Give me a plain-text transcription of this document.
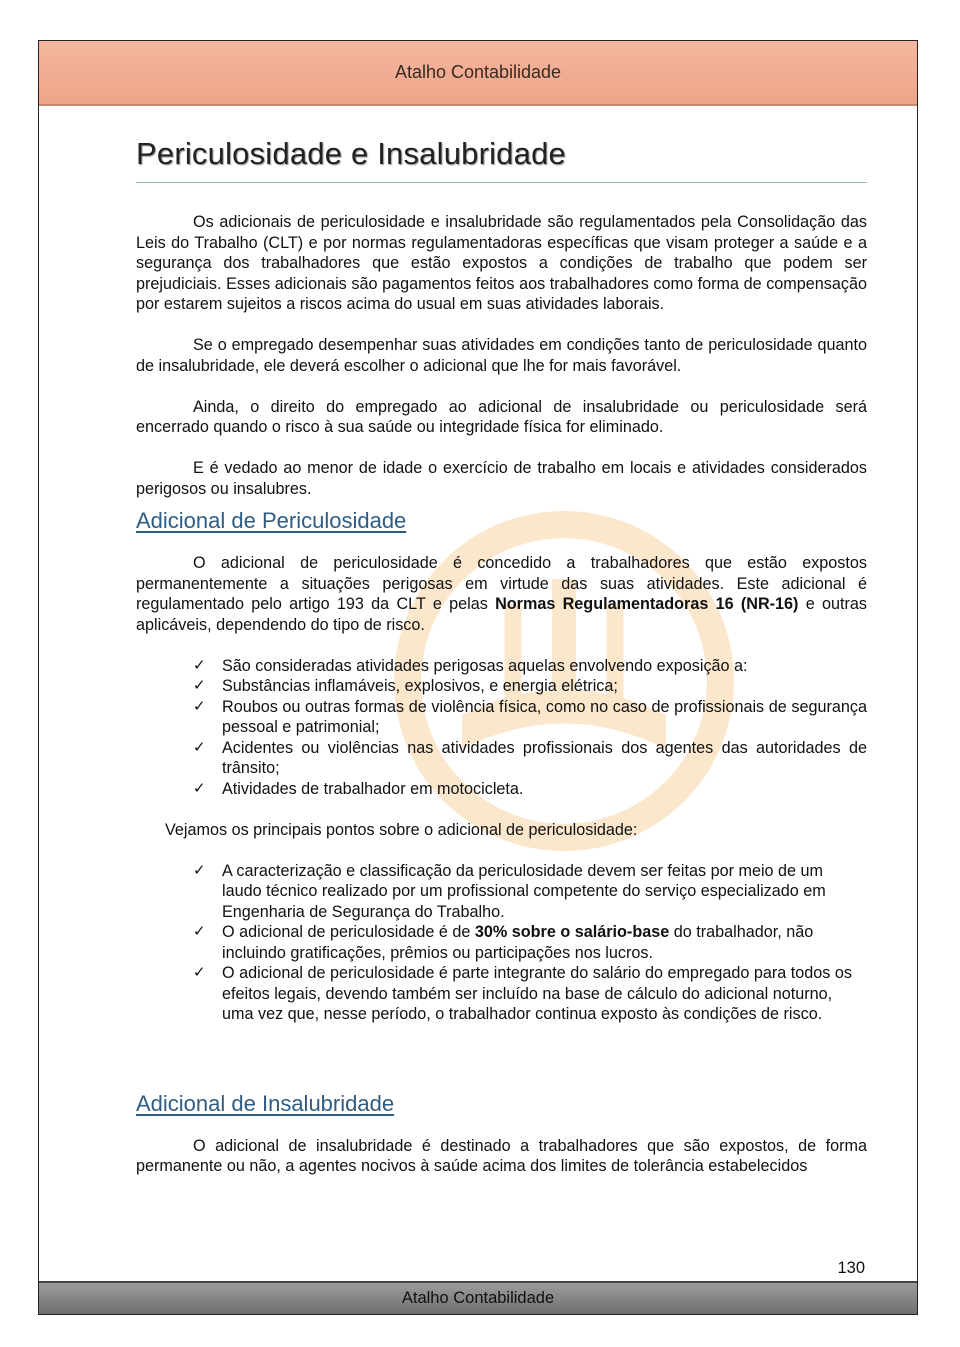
Atalho Contabilidade
Periculosidade e Insalubridade

Os adicionais de periculosidade e insalubridade são regulamentados pela Consolidação das Leis do Trabalho (CLT) e por normas regulamentadoras específicas que visam proteger a saúde e a segurança dos trabalhadores que estão expostos a condições de trabalho que podem ser prejudiciais. Esses adicionais são pagamentos feitos aos trabalhadores como forma de compensação por estarem sujeitos a riscos acima do usual em suas atividades laborais.

Se o empregado desempenhar suas atividades em condições tanto de periculosidade quanto de insalubridade, ele deverá escolher o adicional que lhe for mais favorável.

Ainda, o direito do empregado ao adicional de insalubridade ou periculosidade será encerrado quando o risco à sua saúde ou integridade física for eliminado.

E é vedado ao menor de idade o exercício de trabalho em locais e atividades considerados perigosos ou insalubres.

Adicional de Periculosidade

O adicional de periculosidade é concedido a trabalhadores que estão expostos permanentemente a situações perigosas em virtude das suas atividades. Este adicional é regulamentado pelo artigo 193 da CLT e pelas Normas Regulamentadoras 16 (NR-16) e outras aplicáveis, dependendo do tipo de risco.

✓	São consideradas atividades perigosas aquelas envolvendo exposição a:
✓	Substâncias inflamáveis, explosivos, e energia elétrica;
✓	Roubos ou outras formas de violência física, como no caso de profissionais de segurança pessoal e patrimonial;
✓	Acidentes ou violências nas atividades profissionais dos agentes das autoridades de trânsito;
✓	Atividades de trabalhador em motocicleta.

Vejamos os principais pontos sobre o adicional de periculosidade:

✓	A caracterização e classificação da periculosidade devem ser feitas por meio de um laudo técnico realizado por um profissional competente do serviço especializado em Engenharia de Segurança do Trabalho.
✓	O adicional de periculosidade é de 30% sobre o salário-base do trabalhador, não incluindo gratificações, prêmios ou participações nos lucros.
✓	O adicional de periculosidade é parte integrante do salário do empregado para todos os efeitos legais, devendo também ser incluído na base de cálculo do adicional noturno, uma vez que, nesse período, o trabalhador continua exposto às condições de risco.
Adicional de Insalubridade

O adicional de insalubridade é destinado a trabalhadores que são expostos, de forma permanente ou não, a agentes nocivos à saúde acima dos limites de tolerância estabelecidos

130
Atalho Contabilidade
